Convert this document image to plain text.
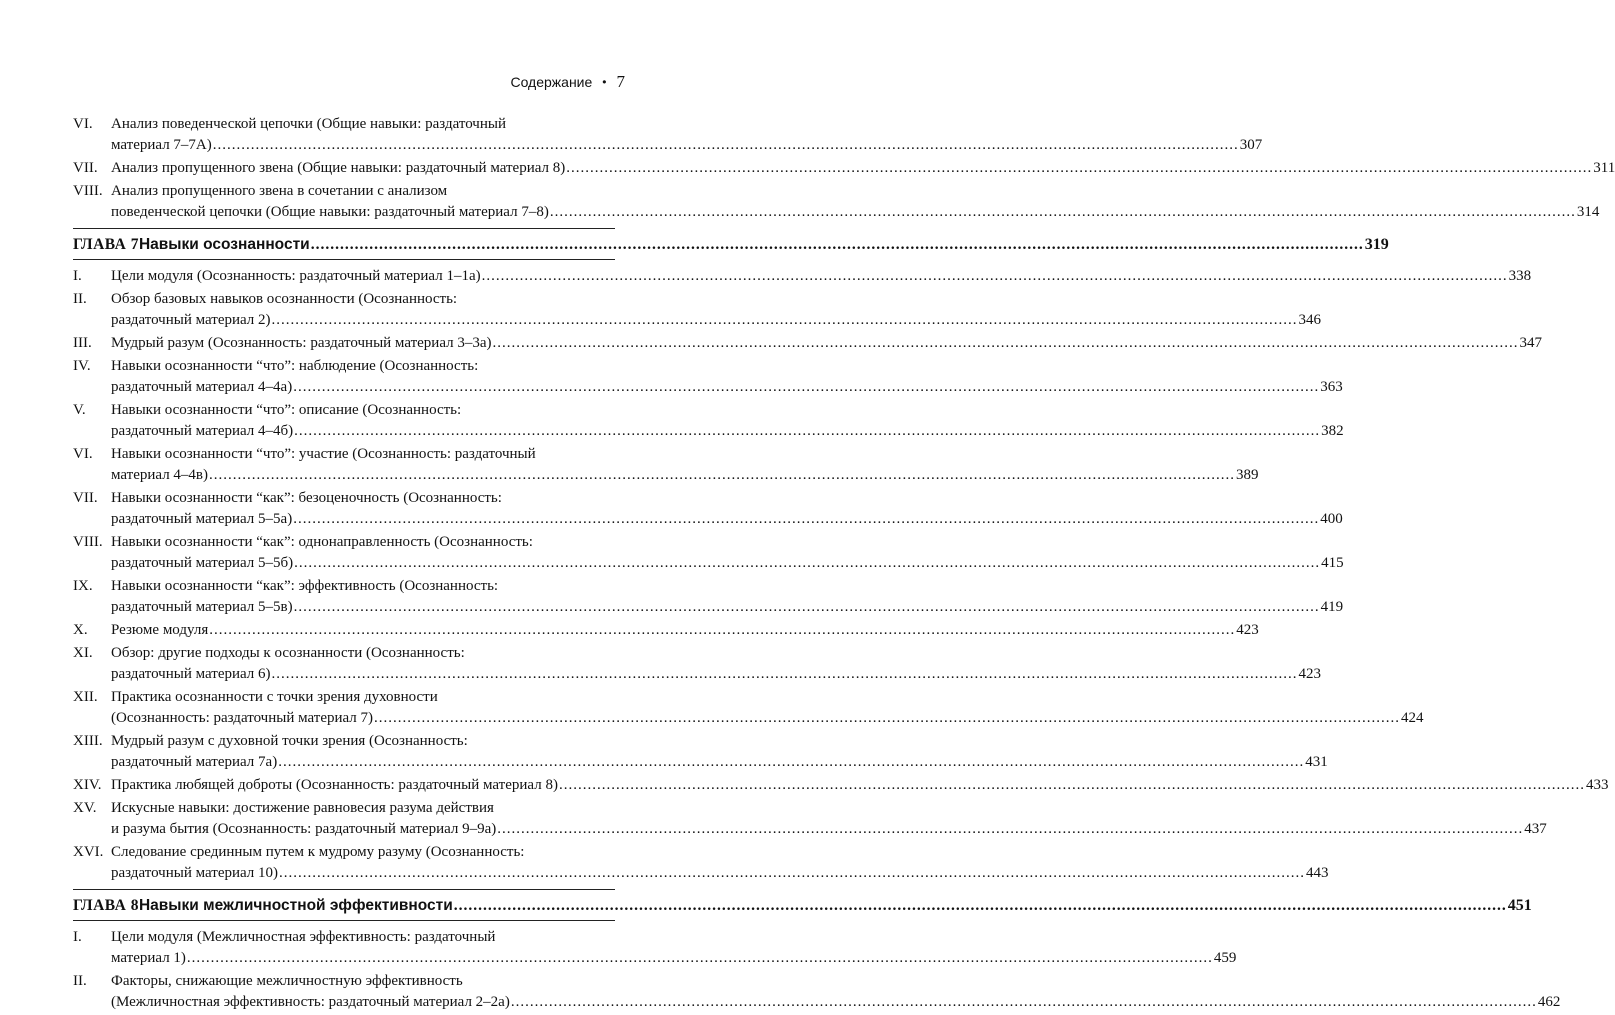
Содержание • 7
VI.	Анализ поведенческой цепочки (Общие навыки: раздаточный
материал 7–7А) .....	307
VII. Анализ пропущенного звена (Общие навыки: раздаточный материал 8) .....	311
VIII. Анализ пропущенного звена в сочетании с анализом
поведенческой цепочки (Общие навыки: раздаточный материал 7–8) .....	314
ГЛАВА 7 Навыки осознанности .....	319
I.	Цели модуля (Осознанность: раздаточный материал 1–1а) .....	338
II.	Обзор базовых навыков осознанности (Осознанность:
раздаточный материал 2) .....	346
III.	Мудрый разум (Осознанность: раздаточный материал 3–3а) .....	347
IV.	Навыки осознанности “что”: наблюдение (Осознанность:
раздаточный материал 4–4а) .....	363
V.	Навыки осознанности “что”: описание (Осознанность:
раздаточный материал 4–4б) .....	382
VI.	Навыки осознанности “что”: участие (Осознанность: раздаточный
материал 4–4в) .....	389
VII. Навыки осознанности “как”: безоценочность (Осознанность:
раздаточный материал 5–5а) .....	400
VIII. Навыки осознанности “как”: однонаправленность (Осознанность:
раздаточный материал 5–5б) .....	415
IX.	Навыки осознанности “как”: эффективность (Осознанность:
раздаточный материал 5–5в) .....	419
X.	Резюме модуля .....	423
XI.	Обзор: другие подходы к осознанности (Осознанность:
раздаточный материал 6) .....	423
XII. Практика осознанности с точки зрения духовности
(Осознанность: раздаточный материал 7) .....	424
XIII. Мудрый разум с духовной точки зрения (Осознанность:
раздаточный материал 7а) .....	431
XIV. Практика любящей доброты (Осознанность: раздаточный материал 8) .....	433
XV. Искусные навыки: достижение равновесия разума действия
и разума бытия (Осознанность: раздаточный материал 9–9а) .....	437
XVI. Следование срединным путем к мудрому разуму (Осознанность:
раздаточный материал 10) .....	443
ГЛАВА 8 Навыки межличностной эффективности .....	451
I.	Цели модуля (Межличностная эффективность: раздаточный
материал 1) .....	459
II.	Факторы, снижающие межличностную эффективность
(Межличностная эффективность: раздаточный материал 2–2а) .....	462
